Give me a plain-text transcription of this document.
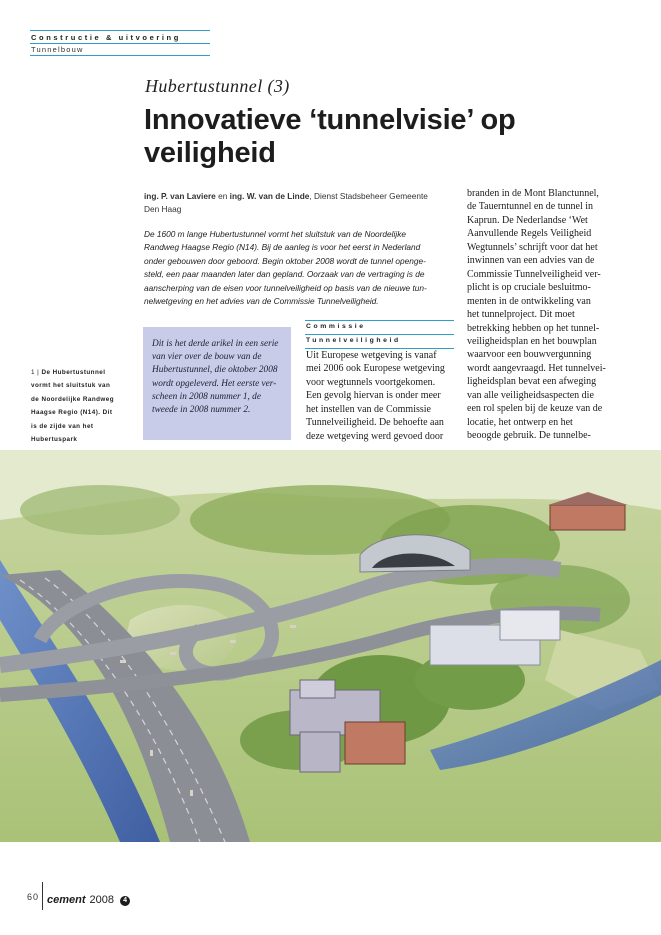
Constructie & uitvoering
Tunnelbouw
Hubertustunnel (3)
Innovatieve ‘tunnelvisie’ op
veiligheid
ing. P. van Laviere en ing. W. van de Linde, Dienst Stadsbeheer Gemeente
Den Haag
De 1600 m lange Hubertustunnel vormt het sluitstuk van de Noordelijke
Randweg Haagse Regio (N14). Bij de aanleg is voor het eerst in Nederland
onder gebouwen door geboord. Begin oktober 2008 wordt de tunnel openge-
steld, een paar maanden later dan gepland. Oorzaak van de vertraging is de
aanscherping van de eisen voor tunnelveiligheid op basis van de nieuwe tun-
nelwetgeving en het advies van de Commissie Tunnelveiligheid.
Dit is het derde arikel in een serie
van vier over de bouw van de
Hubertustunnel, die oktober 2008
wordt opgeleverd. Het eerste ver-
scheen in 2008 nummer 1, de
tweede in 2008 nummer 2.
1 | De Hubertustunnel
vormt het sluitstuk van
de Noordelijke Randweg
Haagse Regio (N14). Dit
is de zijde van het
Hubertuspark
Commissie
Tunnelveiligheid
Uit Europese wetgeving is vanaf
mei 2006 ook Europese wetgeving
voor wegtunnels voortgekomen.
Een gevolg hiervan is onder meer
het instellen van de Commissie
Tunnelveiligheid. De behoefte aan
deze wetgeving werd gevoed door
branden in de Mont Blanctunnel,
de Tauerntunnel en de tunnel in
Kaprun. De Nederlandse ‘Wet
Aanvullende Regels Veiligheid
Wegtunnels’ schrijft voor dat het
inwinnen van een advies van de
Commissie Tunnelveiligheid ver-
plicht is op cruciale besluitmo-
menten in de ontwikkeling van
het tunnelproject. Dit moet
betrekking hebben op het tunnel-
veiligheidsplan en het bouwplan
waarvoor een bouwvergunning
wordt aangevraagd. Het tunnelvei-
ligheidsplan bevat een afweging
van alle veiligheidsaspecten die
een rol spelen bij de keuze van de
locatie, het ontwerp en het
beoogde gebruik. De tunnelbe-
60 cement 2008 4
